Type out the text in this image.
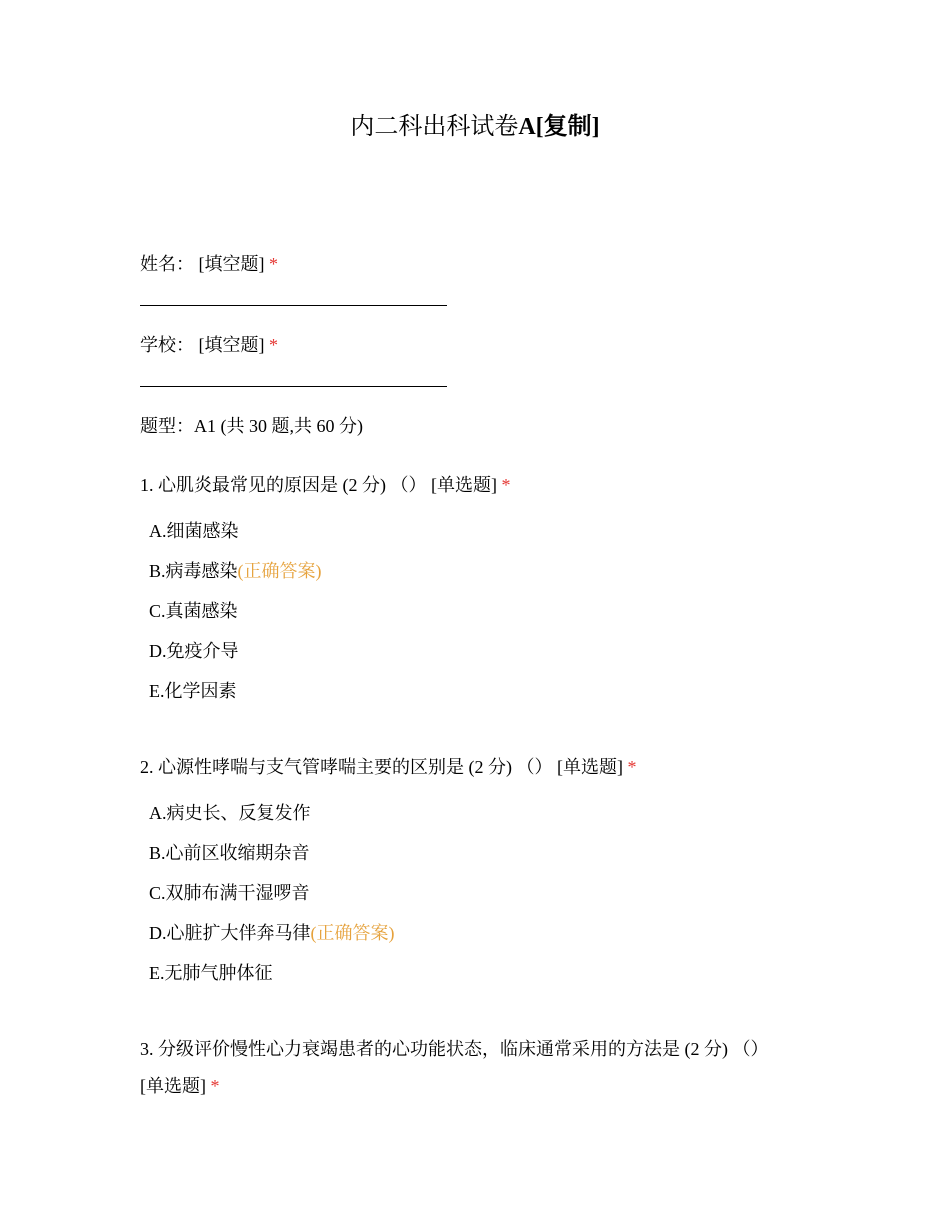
内二科出科试卷A[复制]
姓名： [填空题] *
学校： [填空题] *
题型：A1 (共 30 题,共 60 分)
1. 心肌炎最常见的原因是 (2 分) （） [单选题] *
A.细菌感染
B.病毒感染(正确答案)
C.真菌感染
D.免疫介导
E.化学因素
2. 心源性哮喘与支气管哮喘主要的区别是 (2 分) （） [单选题] *
A.病史长、反复发作
B.心前区收缩期杂音
C.双肺布满干湿啰音
D.心脏扩大伴奔马律(正确答案)
E.无肺气肿体征
3. 分级评价慢性心力衰竭患者的心功能状态，临床通常采用的方法是 (2 分) （）
[单选题] *
